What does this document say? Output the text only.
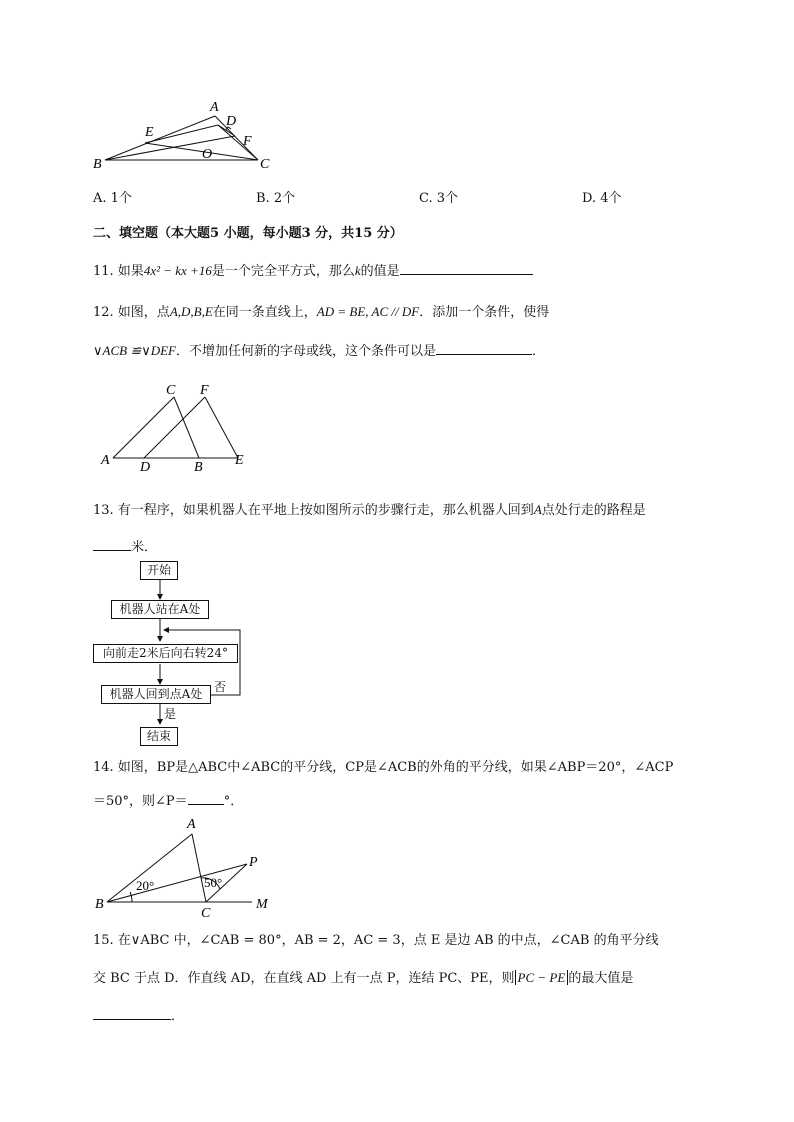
A
D
E
F
O
B	C
A. 1个	B. 2个	C. 3个	D. 4个
二、填空题（本大题5 小题，每小题3 分，共15 分）
11. 如果4x² − kx +16是一个完全平方式，那么k的值是
12. 如图，点A,D,B,E在同一条直线上，AD = BE, AC // DF．添加一个条件，使得
∨ACB ≌∨DEF．不增加任何新的字母或线，这个条件可以是	．
A D	B E
C F
13. 有一程序，如果机器人在平地上按如图所示的步骤行走，那么机器人回到A点处行走的路程是
米．
开始
机器人站在A处
向前走2米后向右转24°
机器人回到点A处 否
是
结束
14. 如图，BP是△ABC中∠ABC的平分线，CP是∠ACB的外角的平分线，如果∠ABP＝20°，∠ACP
＝50°，则∠P＝	°．
A
B
C
P
M
20°	50°
15. 在∨ABC 中，∠CAB = 80°，AB = 2，AC = 3，点 E 是边 AB 的中点，∠CAB 的角平分线
交 BC 于点 D．作直线 AD，在直线 AD 上有一点 P，连结 PC、PE，则 PC − PE 的最大值是
．
